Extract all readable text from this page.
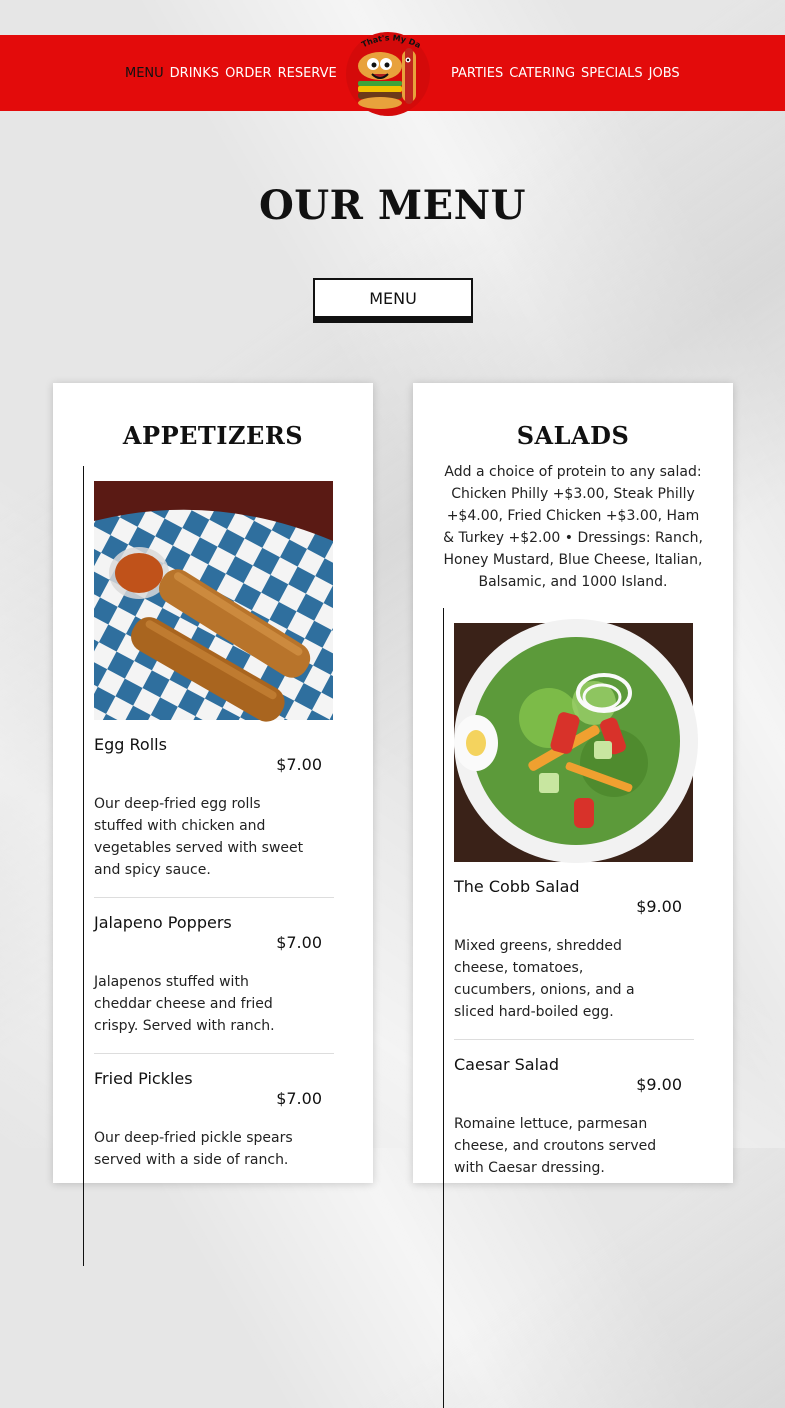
MENU DRINKS ORDER RESERVE	PARTIES CATERING SPECIALS JOBS
That's My Da
OUR MENU
MENU
APPETIZERS
Egg Rolls
$7.00
Our deep-fried egg rolls stuffed with chicken and vegetables served with sweet and spicy sauce.
Jalapeno Poppers
$7.00
Jalapenos stuffed with cheddar cheese and fried crispy. Served with ranch.
Fried Pickles
$7.00
Our deep-fried pickle spears served with a side of ranch.
SALADS
Add a choice of protein to any salad: Chicken Philly +$3.00, Steak Philly +$4.00, Fried Chicken +$3.00, Ham & Turkey +$2.00 • Dressings: Ranch, Honey Mustard, Blue Cheese, Italian, Balsamic, and 1000 Island.
The Cobb Salad
$9.00
Mixed greens, shredded cheese, tomatoes, cucumbers, onions, and a sliced hard-boiled egg.
Caesar Salad
$9.00
Romaine lettuce, parmesan cheese, and croutons served with Caesar dressing.
